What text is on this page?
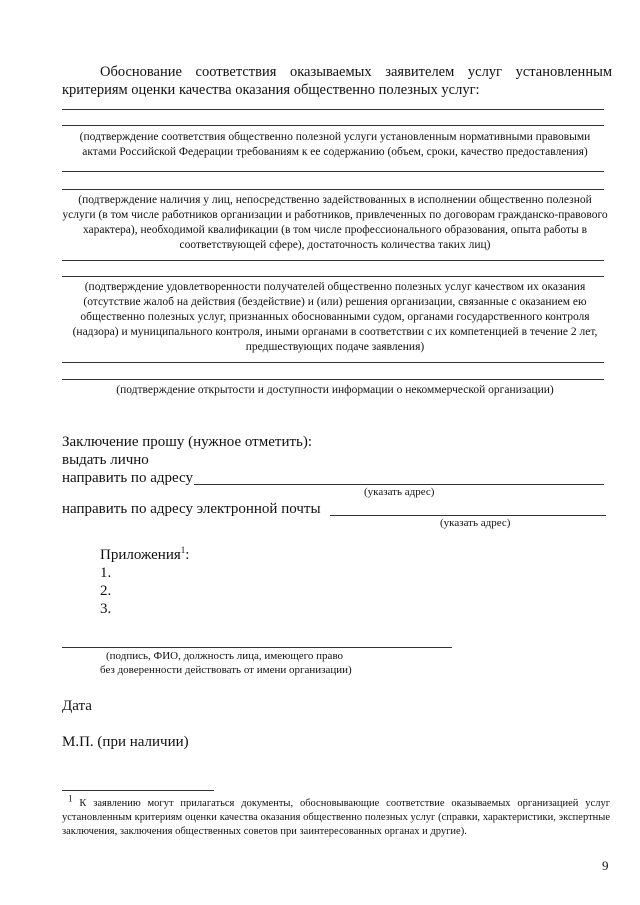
Обоснование соответствия оказываемых заявителем услуг установленным критериям оценки качества оказания общественно полезных услуг:
(подтверждение соответствия общественно полезной услуги установленным нормативными правовыми актами Российской Федерации требованиям к ее содержанию (объем, сроки, качество предоставления)
(подтверждение наличия у лиц, непосредственно задействованных в исполнении общественно полезной услуги (в том числе работников организации и работников, привлеченных по договорам гражданско-правового характера), необходимой квалификации (в том числе профессионального образования, опыта работы в соответствующей сфере), достаточность количества таких лиц)
(подтверждение удовлетворенности получателей общественно полезных услуг качеством их оказания (отсутствие жалоб на действия (бездействие) и (или) решения организации, связанные с оказанием ею общественно полезных услуг, признанных обоснованными судом, органами государственного контроля (надзора) и муниципального контроля, иными органами в соответствии с их компетенцией в течение 2 лет, предшествующих подаче заявления)
(подтверждение открытости и доступности информации о некоммерческой организации)
Заключение прошу (нужное отметить):
выдать лично
направить по адресу
(указать адрес)
направить по адресу электронной почты
(указать адрес)
Приложения$^1$:
1.
2.
3.
(подпись, ФИО, должность лица, имеющего право
без доверенности действовать от имени организации)
Дата
М.П. (при наличии)
$^1$ К заявлению могут прилагаться документы, обосновывающие соответствие оказываемых организацией услуг установленным критериям оценки качества оказания общественно полезных услуг (справки, характеристики, экспертные заключения, заключения общественных советов при заинтересованных органах и другие).
9
